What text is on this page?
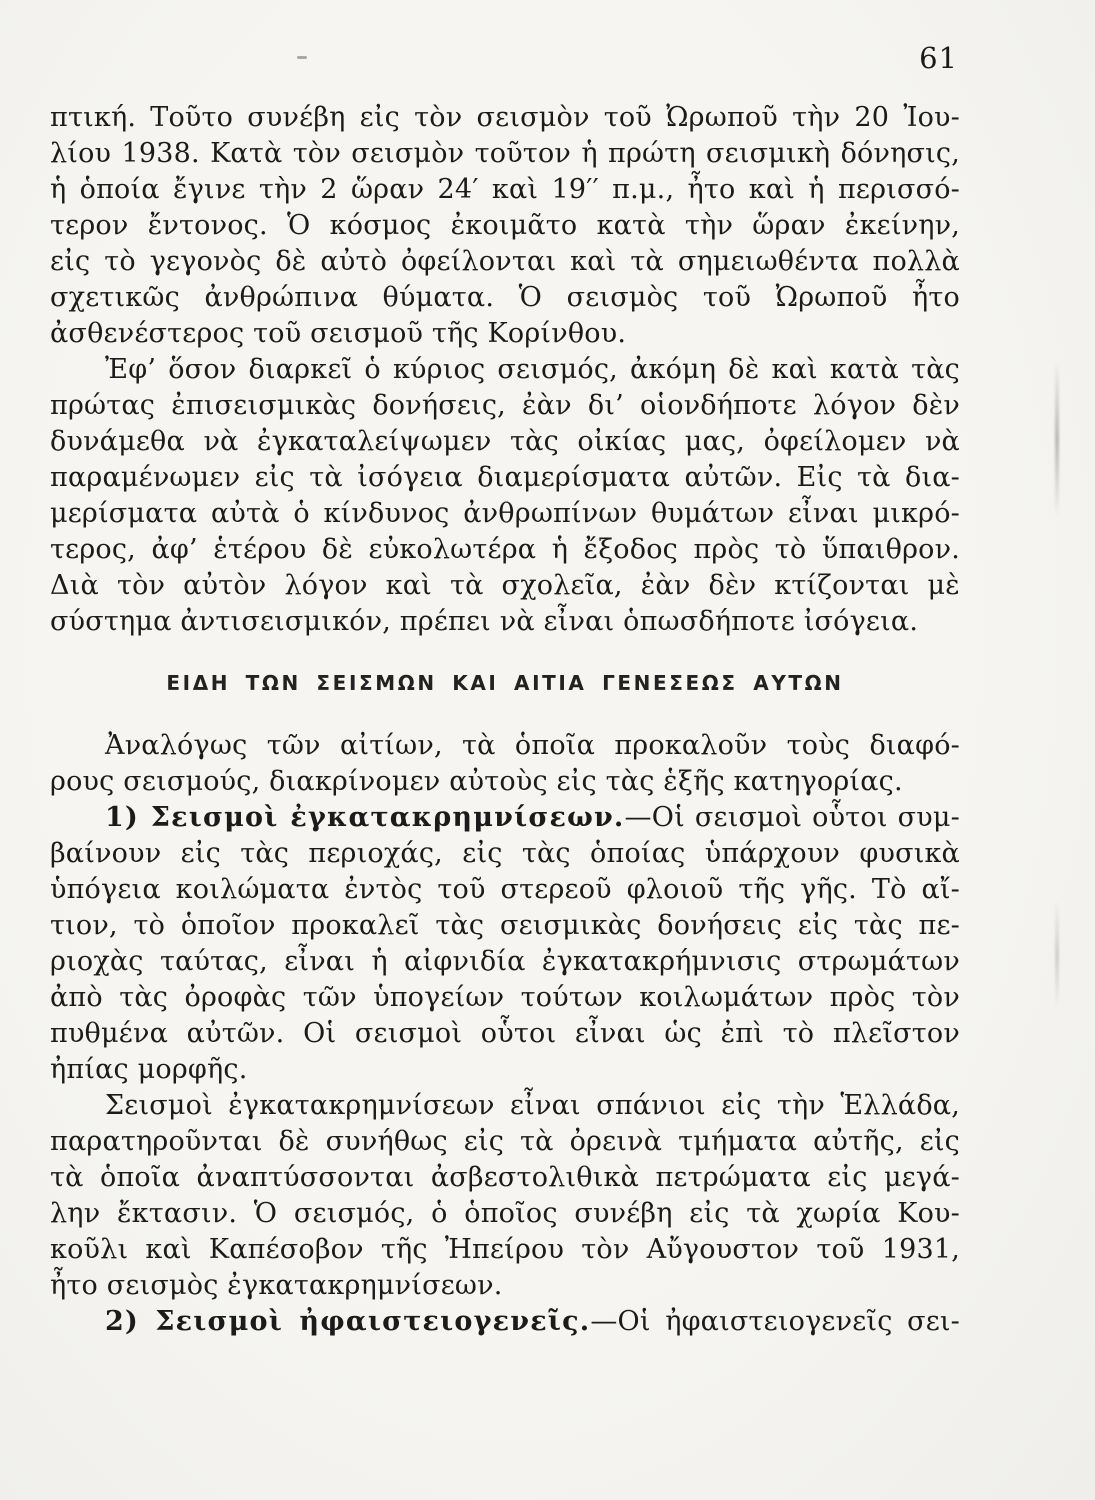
61

πτική. Τοῦτο συνέβη εἰς τὸν σεισμὸν τοῦ Ὠρωποῦ τὴν 20 Ἰου-
λίου 1938. Κατὰ τὸν σεισμὸν τοῦτον ἡ πρώτη σεισμικὴ δόνησις,
ἡ ὁποία ἔγινε τὴν 2 ὥραν 24′ καὶ 19′′ π.μ., ἦτο καὶ ἡ περισσό-
τερον ἔντονος. Ὁ κόσμος ἐκοιμᾶτο κατὰ τὴν ὥραν ἐκείνην,
εἰς τὸ γεγονὸς δὲ αὐτὸ ὀφείλονται καὶ τὰ σημειωθέντα πολλὰ
σχετικῶς ἀνθρώπινα θύματα. Ὁ σεισμὸς τοῦ Ὠρωποῦ ἦτο
ἀσθενέστερος τοῦ σεισμοῦ τῆς Κορίνθου.

Ἐφ’ ὅσον διαρκεῖ ὁ κύριος σεισμός, ἀκόμη δὲ καὶ κατὰ τὰς
πρώτας ἐπισεισμικὰς δονήσεις, ἐὰν δι’ οἱονδήποτε λόγον δὲν
δυνάμεθα νὰ ἐγκαταλείψωμεν τὰς οἰκίας μας, ὀφείλομεν νὰ
παραμένωμεν εἰς τὰ ἰσόγεια διαμερίσματα αὐτῶν. Εἰς τὰ δια-
μερίσματα αὐτὰ ὁ κίνδυνος ἀνθρωπίνων θυμάτων εἶναι μικρό-
τερος, ἀφ’ ἑτέρου δὲ εὐκολωτέρα ἡ ἔξοδος πρὸς τὸ ὕπαιθρον.
Διὰ τὸν αὐτὸν λόγον καὶ τὰ σχολεῖα, ἐὰν δὲν κτίζονται μὲ
σύστημα ἀντισεισμικόν, πρέπει νὰ εἶναι ὁπωσδήποτε ἰσόγεια.

ΕΙΔΗ ΤΩΝ ΣΕΙΣΜΩΝ ΚΑΙ ΑΙΤΙΑ ΓΕΝΕΣΕΩΣ ΑΥΤΩΝ

Ἀναλόγως τῶν αἰτίων, τὰ ὁποῖα προκαλοῦν τοὺς διαφό-
ρους σεισμούς, διακρίνομεν αὐτοὺς εἰς τὰς ἑξῆς κατηγορίας.

1) Σεισμοὶ ἐγκατακρημνίσεων.—Οἱ σεισμοὶ οὗτοι συμ-
βαίνουν εἰς τὰς περιοχάς, εἰς τὰς ὁποίας ὑπάρχουν φυσικὰ
ὑπόγεια κοιλώματα ἐντὸς τοῦ στερεοῦ φλοιοῦ τῆς γῆς. Τὸ αἴ-
τιον, τὸ ὁποῖον προκαλεῖ τὰς σεισμικὰς δονήσεις εἰς τὰς πε-
ριοχὰς ταύτας, εἶναι ἡ αἰφνιδία ἐγκατακρήμνισις στρωμάτων
ἀπὸ τὰς ὀροφὰς τῶν ὑπογείων τούτων κοιλωμάτων πρὸς τὸν
πυθμένα αὐτῶν. Οἱ σεισμοὶ οὗτοι εἶναι ὡς ἐπὶ τὸ πλεῖστον
ἠπίας μορφῆς.

Σεισμοὶ ἐγκατακρημνίσεων εἶναι σπάνιοι εἰς τὴν Ἑλλάδα,
παρατηροῦνται δὲ συνήθως εἰς τὰ ὀρεινὰ τμήματα αὐτῆς, εἰς
τὰ ὁποῖα ἀναπτύσσονται ἀσβεστολιθικὰ πετρώματα εἰς μεγά-
λην ἔκτασιν. Ὁ σεισμός, ὁ ὁποῖος συνέβη εἰς τὰ χωρία Κου-
κοῦλι καὶ Καπέσοβον τῆς Ἠπείρου τὸν Αὔγουστον τοῦ 1931,
ἦτο σεισμὸς ἐγκατακρημνίσεων.

2) Σεισμοὶ ἠφαιστειογενεῖς.—Οἱ ἠφαιστειογενεῖς σει-
